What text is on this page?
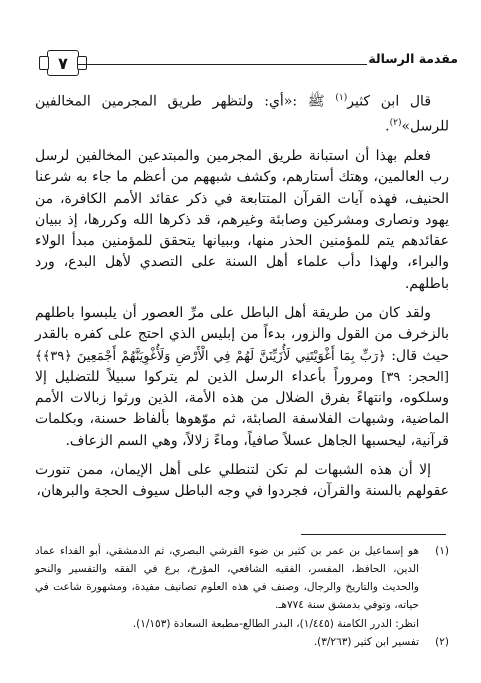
٧	مقدمة الرسالة

قال ابن كثير$^{(١)}$ ﷺ :«أي: ولتظهر طريق المجرمين المخالفين للرسل»$^{(٢)}$.

فعلم بهذا أن استبانة طريق المجرمين والمبتدعين المخالفين لرسل رب العالمين، وهتك أستارهم، وكشف شبههم من أعظم ما جاء به شرعنا الحنيف، فهذه آيات القرآن المتتابعة في ذكر عقائد الأمم الكافرة، من يهود ونصارى ومشركين وصابئة وغيرهم، قد ذكرها الله وكررها، إذ ببيان عقائدهم يتم للمؤمنين الحذر منها، وببيانها يتحقق للمؤمنين مبدأ الولاء والبراء، ولهذا دأب علماء أهل السنة على التصدي لأهل البدع، ورد باطلهم.

ولقد كان من طريقة أهل الباطل على مرِّ العصور أن يلبسوا باطلهم بالزخرف من القول والزور، بدءاً من إبليس الذي احتج على كفره بالقدر حيث قال: ﴿رَبِّ بِمَا أَغْوَيْتَنِي لَأُزَيِّنَنَّ لَهُمْ فِي الْأَرْضِ وَلَأُغْوِيَنَّهُمْ أَجْمَعِينَ ﴿٣٩﴾﴾ [الحجر: ٣٩] ومروراً بأعداء الرسل الذين لم يتركوا سبيلاً للتضليل إلا وسلكوه، وانتهاءً بفرق الضلال من هذه الأمة، الذين ورثوا زبالات الأمم الماضية، وشبهات الفلاسفة الصابئة، ثم موّهوها بألفاظ حسنة، وبكلمات قرآنية، ليحسبها الجاهل عسلاً صافياً، وماءً زلالاً، وهي السم الزعاف.

إلا أن هذه الشبهات لم تكن لتنطلي على أهل الإيمان، ممن تنورت عقولهم بالسنة والقرآن، فجردوا في وجه الباطل سيوف الحجة والبرهان،

(١)
هو إسماعيل بن عمر بن كثير بن ضوء القرشي البصري، ثم الدمشقي، أبو الفداء عماد الدين، الحافظ، المفسر، الفقيه الشافعي، المؤرخ، برع في الفقه والتفسير والنحو والحديث والتاريخ والرجال، وصنف في هذه العلوم تصانيف مفيدة، ومشهورة شاعت في حياته، وتوفي بدمشق سنة ٧٧٤هـ.
انظر: الدرر الكامنة (١/٤٤٥)، البدر الطالع-مطبعة السعادة (١/١٥٣).
(٢)
تفسير ابن كثير (٣/٢٦٣).
